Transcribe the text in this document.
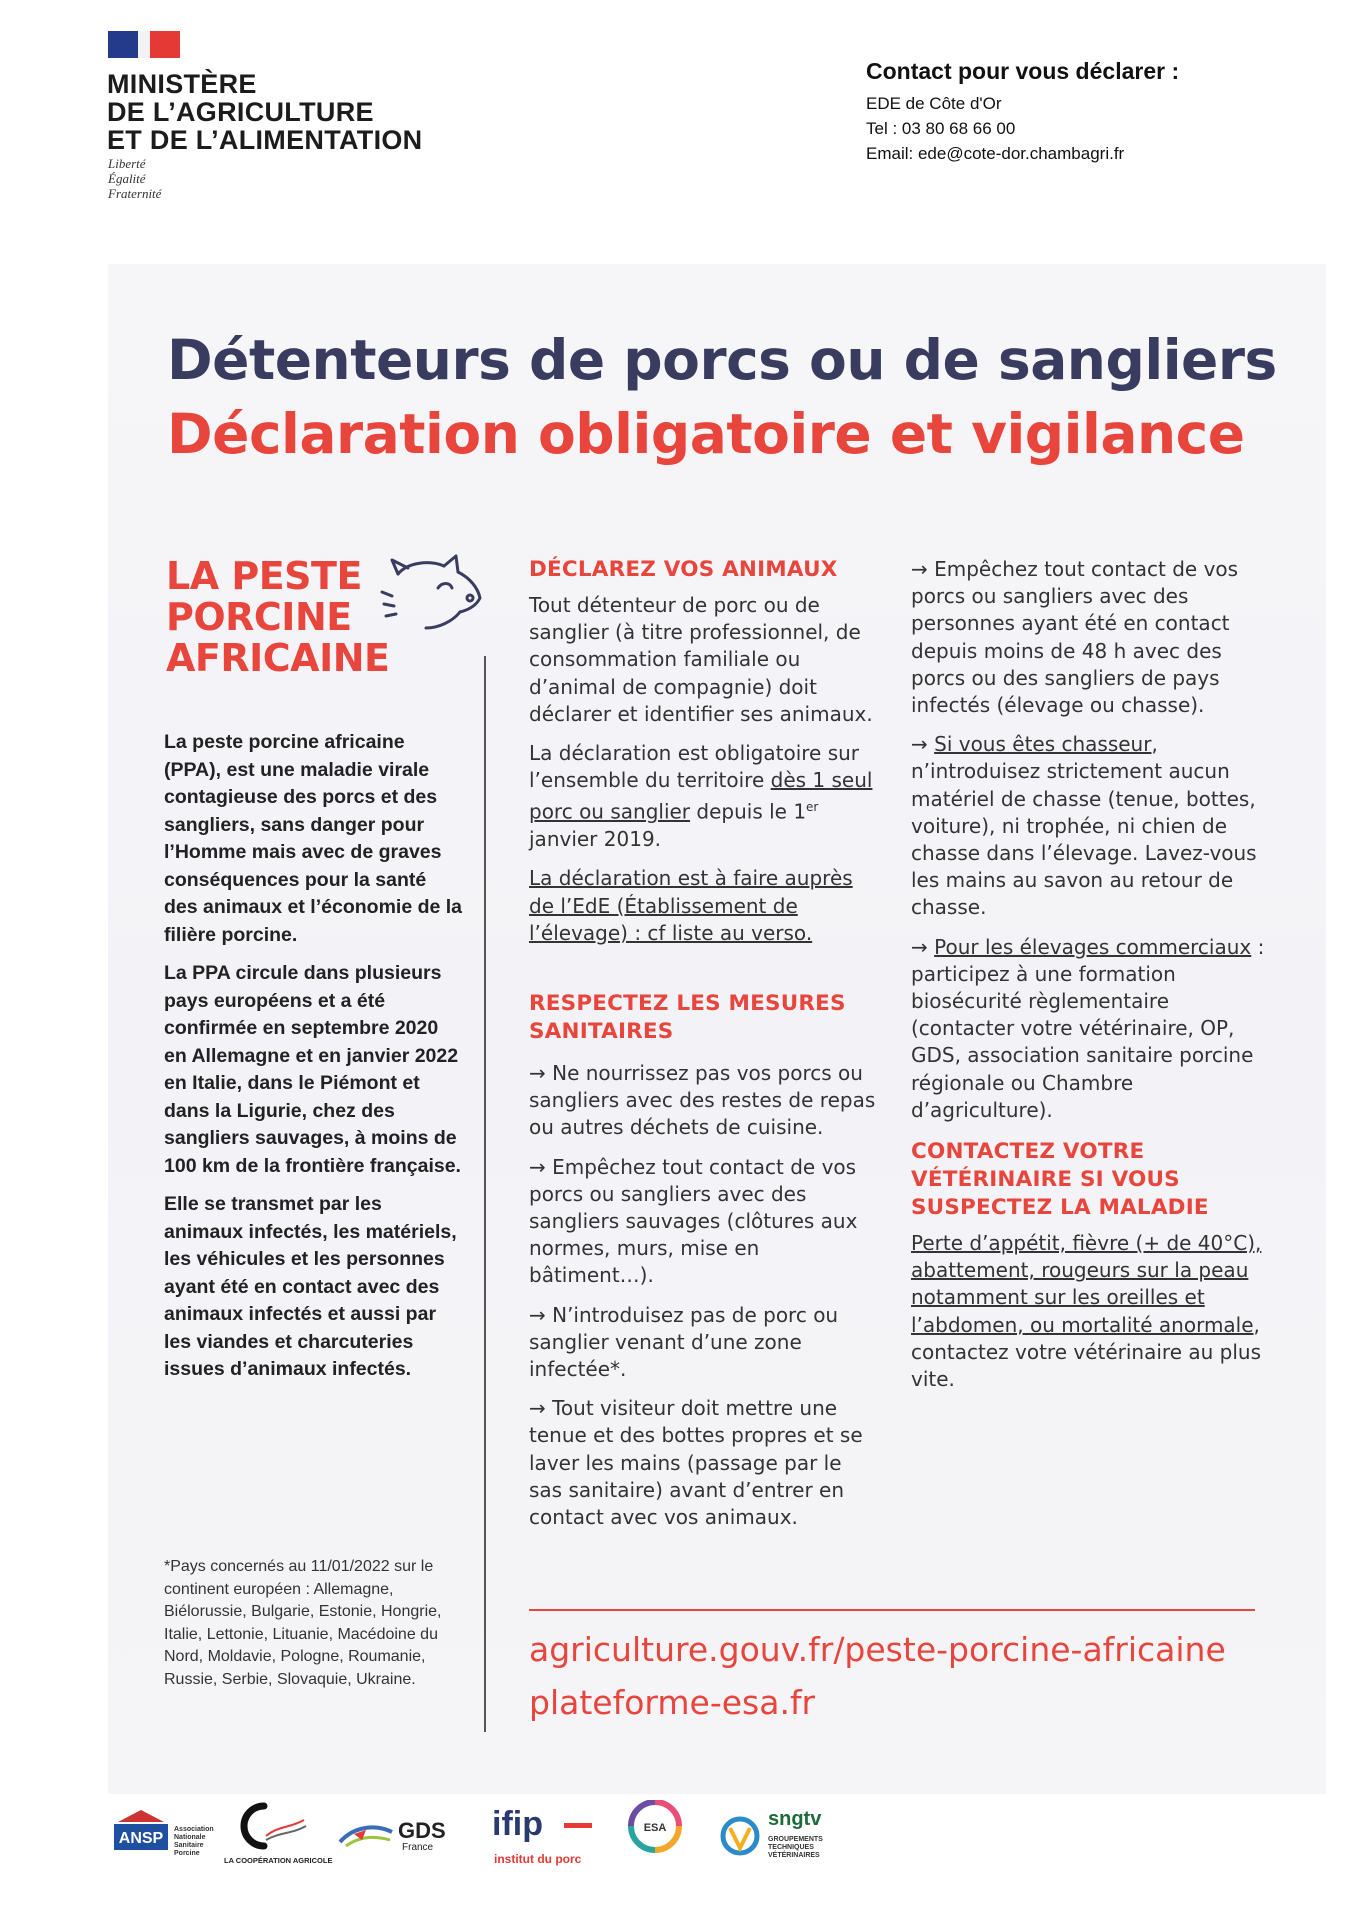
MINISTÈRE
DE L’AGRICULTURE
ET DE L’ALIMENTATION
Liberté
Égalité
Fraternité
Contact pour vous déclarer :
EDE de Côte d'Or
Tel : 03 80 68 66 00
Email: ede@cote-dor.chambagri.fr
Détenteurs de porcs ou de sangliers
Déclaration obligatoire et vigilance
LA PESTE
PORCINE
AFRICAINE

La peste porcine africaine (PPA), est une maladie virale contagieuse des porcs et des sangliers, sans danger pour l’Homme mais avec de graves conséquences pour la santé des animaux et l’économie de la filière porcine.

La PPA circule dans plusieurs pays européens et a été confirmée en septembre 2020 en Allemagne et en janvier 2022 en Italie, dans le Piémont et dans la Ligurie, chez des sangliers sauvages, à moins de 100 km de la frontière française.

Elle se transmet par les animaux infectés, les matériels, les véhicules et les personnes ayant été en contact avec des animaux infectés et aussi par les viandes et charcuteries issues d’animaux infectés.

*Pays concernés au 11/01/2022 sur le continent européen : Allemagne, Biélorussie, Bulgarie, Estonie, Hongrie, Italie, Lettonie, Lituanie, Macédoine du Nord, Moldavie, Pologne, Roumanie, Russie, Serbie, Slovaquie, Ukraine.
DÉCLAREZ VOS ANIMAUX

Tout détenteur de porc ou de sanglier (à titre professionnel, de consommation familiale ou d’animal de compagnie) doit déclarer et identifier ses animaux.

La déclaration est obligatoire sur l’ensemble du territoire dès 1 seul porc ou sanglier depuis le 1er janvier 2019.

La déclaration est à faire auprès de l’EdE (Établissement de l’élevage) : cf liste au verso.

RESPECTEZ LES MESURES SANITAIRES

→ Ne nourrissez pas vos porcs ou sangliers avec des restes de repas ou autres déchets de cuisine.

→ Empêchez tout contact de vos porcs ou sangliers avec des sangliers sauvages (clôtures aux normes, murs, mise en bâtiment…).

→ N’introduisez pas de porc ou sanglier venant d’une zone infectée*.

→ Tout visiteur doit mettre une tenue et des bottes propres et se laver les mains (passage par le sas sanitaire) avant d’entrer en contact avec vos animaux.

→ Empêchez tout contact de vos porcs ou sangliers avec des personnes ayant été en contact depuis moins de 48 h avec des porcs ou des sangliers de pays infectés (élevage ou chasse).

→ Si vous êtes chasseur, n’introduisez strictement aucun matériel de chasse (tenue, bottes, voiture), ni trophée, ni chien de chasse dans l’élevage. Lavez-vous les mains au savon au retour de chasse.

→ Pour les élevages commerciaux : participez à une formation biosécurité règlementaire (contacter votre vétérinaire, OP, GDS, association sanitaire porcine régionale ou Chambre d’agriculture).

CONTACTEZ VOTRE VÉTÉRINAIRE SI VOUS SUSPECTEZ LA MALADIE

Perte d’appétit, fièvre (+ de 40°C), abattement, rougeurs sur la peau notamment sur les oreilles et l’abdomen, ou mortalité anormale, contactez votre vétérinaire au plus vite.

agriculture.gouv.fr/peste-porcine-africaine
plateforme-esa.fr
ANSP
Association Nationale Sanitaire Porcine
LA COOPÉRATION AGRICOLE
GDS
France
ifip
institut du porc
ESA	sngtv
GROUPEMENTS TECHNIQUES VÉTÉRINAIRES
